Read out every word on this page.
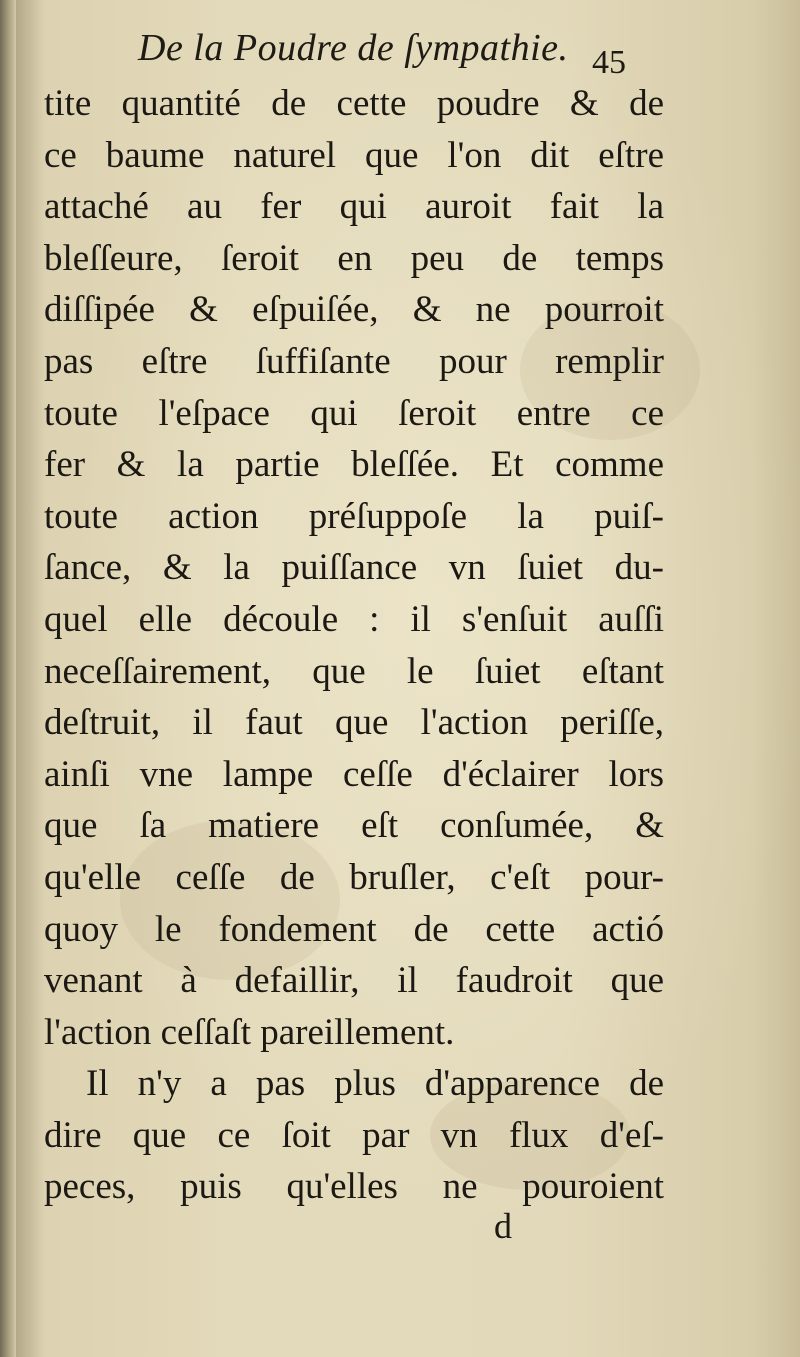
De la Poudre de ſympathie. 45
tite quantité de cette poudre & de
ce baume naturel que l'on dit eſtre
attaché au fer qui auroit fait la
bleſſeure, ſeroit en peu de temps
diſſipée & eſpuiſée, & ne pourroit
pas eſtre ſuffiſante pour remplir
toute l'eſpace qui ſeroit entre ce
fer & la partie bleſſée. Et comme
toute action préſuppoſe la puiſ-
ſance, & la puiſſance vn ſuiet du-
quel elle découle : il s'enſuit auſſi
neceſſairement, que le ſuiet eſtant
deſtruit, il faut que l'action periſſe,
ainſi vne lampe ceſſe d'éclairer lors
que ſa matiere eſt conſumée, &
qu'elle ceſſe de bruſler, c'eſt pour-
quoy le fondement de cette actió
venant à defaillir, il faudroit que
l'action ceſſaſt pareillement.
Il n'y a pas plus d'apparence de
dire que ce ſoit par vn flux d'eſ-
peces, puis qu'elles ne pouroient
d
